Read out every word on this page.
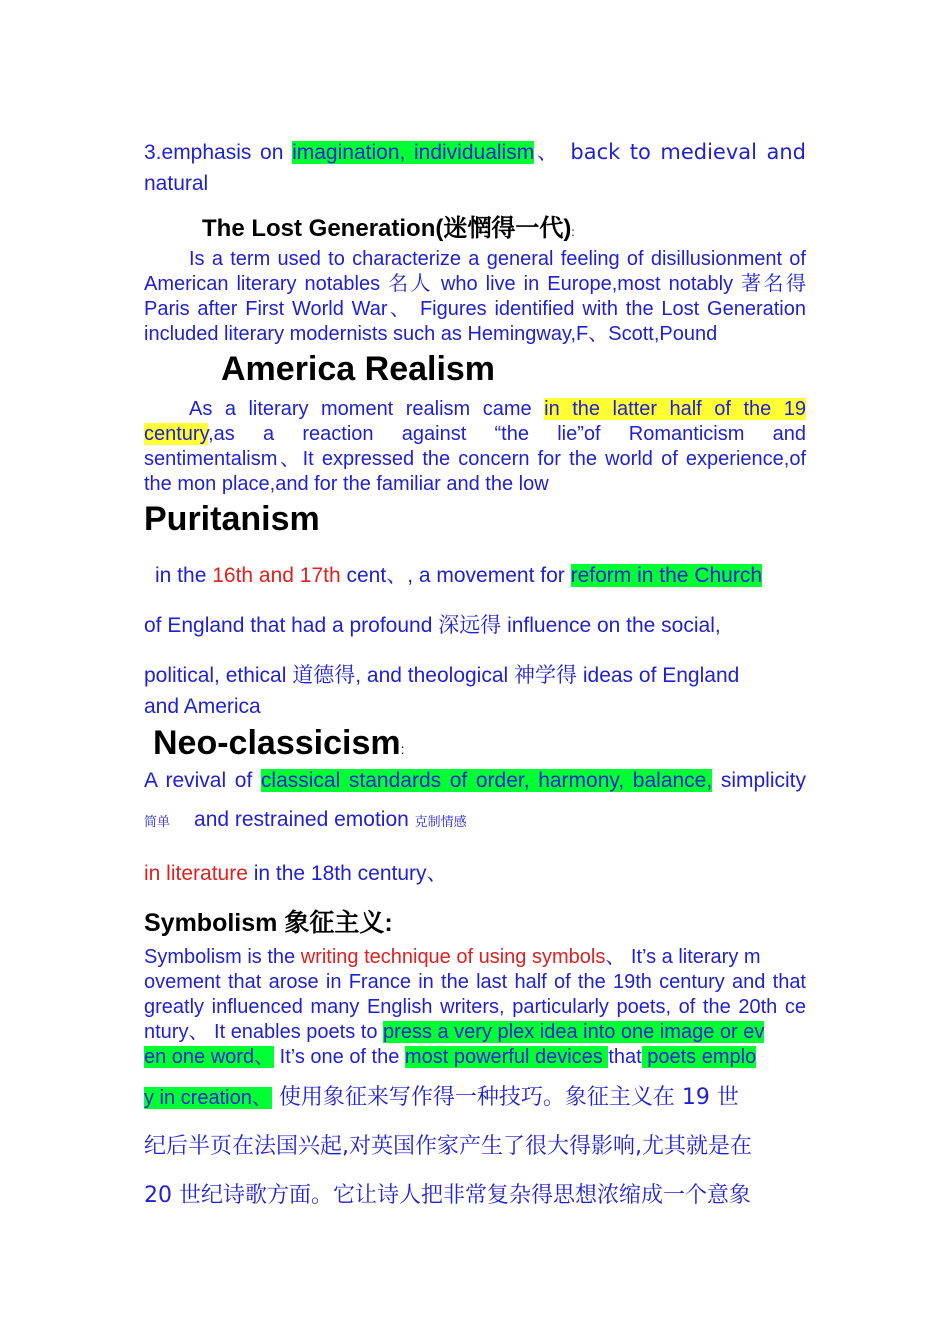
3.emphasis on imagination, individualism、 back to medieval and
natural
The Lost Generation(迷惘得一代):
Is a term used to characterize a general feeling of disillusionment of
American literary notables 名人 who live in Europe,most notably 著名得
Paris after First World War、 Figures identified with the Lost Generation
included literary modernists such as Hemingway,F、Scott,Pound
America Realism
As a literary moment realism came in the latter half of the 19
century,as a reaction against “the lie”of Romanticism and
sentimentalism、It expressed the concern for the world of experience,of
the mon place,and for the familiar and the low
Puritanism
in the 16th and 17th cent、, a movement for reform in the Church
of England that had a profound 深远得 influence on the social,
political, ethical 道德得, and theological 神学得 ideas of England
and America
Neo-classicism:
A revival of classical standards of order, harmony, balance, simplicity
简单 and restrained emotion 克制情感
in literature in the 18th century、
Symbolism 象征主义:
Symbolism is the writing technique of using symbols、 It’s a literary m
ovement that arose in France in the last half of the 19th century and that
greatly influenced many English writers, particularly poets, of the 20th ce
ntury、 It enables poets to press a very plex idea into one image or ev
en one word、 It’s one of the most powerful devices that poets emplo
y in creation、 使用象征来写作得一种技巧。象征主义在 19 世
纪后半页在法国兴起,对英国作家产生了很大得影响,尤其就是在
20 世纪诗歌方面。它让诗人把非常复杂得思想浓缩成一个意象
